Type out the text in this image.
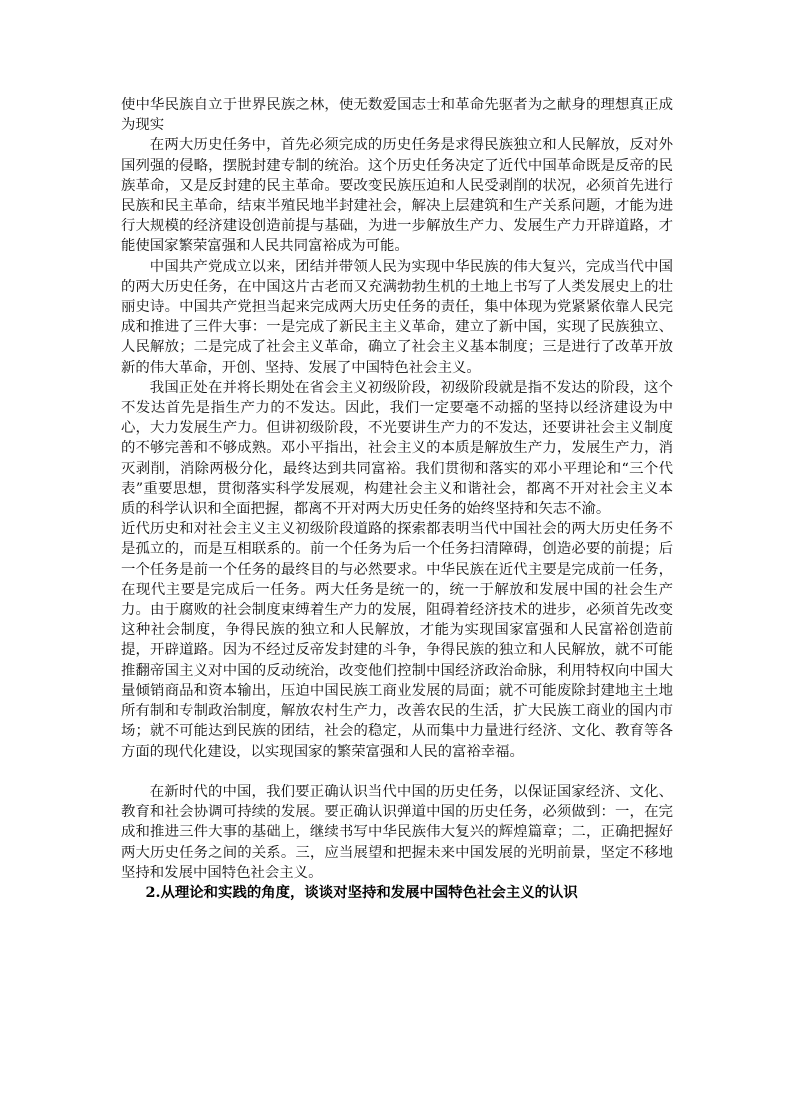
使中华民族自立于世界民族之林，使无数爱国志士和革命先驱者为之献身的理想真正成为现实

在两大历史任务中，首先必须完成的历史任务是求得民族独立和人民解放，反对外国列强的侵略，摆脱封建专制的统治。这个历史任务决定了近代中国革命既是反帝的民族革命，又是反封建的民主革命。要改变民族压迫和人民受剥削的状况，必须首先进行民族和民主革命，结束半殖民地半封建社会，解决上层建筑和生产关系问题，才能为进行大规模的经济建设创造前提与基础，为进一步解放生产力、发展生产力开辟道路，才能使国家繁荣富强和人民共同富裕成为可能。

中国共产党成立以来，团结并带领人民为实现中华民族的伟大复兴，完成当代中国的两大历史任务，在中国这片古老而又充满勃勃生机的土地上书写了人类发展史上的壮丽史诗。中国共产党担当起来完成两大历史任务的责任，集中体现为党紧紧依靠人民完成和推进了三件大事：一是完成了新民主主义革命，建立了新中国，实现了民族独立、人民解放；二是完成了社会主义革命，确立了社会主义基本制度；三是进行了改革开放新的伟大革命，开创、坚持、发展了中国特色社会主义。

我国正处在并将长期处在省会主义初级阶段，初级阶段就是指不发达的阶段，这个不发达首先是指生产力的不发达。因此，我们一定要毫不动摇的坚持以经济建设为中心，大力发展生产力。但讲初级阶段，不光要讲生产力的不发达，还要讲社会主义制度的不够完善和不够成熟。邓小平指出，社会主义的本质是解放生产力，发展生产力，消灭剥削，消除两极分化，最终达到共同富裕。我们贯彻和落实的邓小平理论和“三个代表”重要思想，贯彻落实科学发展观，构建社会主义和谐社会，都离不开对社会主义本质的科学认识和全面把握，都离不开对两大历史任务的始终坚持和矢志不渝。

近代历史和对社会主义主义初级阶段道路的探索都表明当代中国社会的两大历史任务不是孤立的，而是互相联系的。前一个任务为后一个任务扫清障碍，创造必要的前提；后一个任务是前一个任务的最终目的与必然要求。中华民族在近代主要是完成前一任务，在现代主要是完成后一任务。两大任务是统一的，统一于解放和发展中国的社会生产力。由于腐败的社会制度束缚着生产力的发展，阻碍着经济技术的进步，必须首先改变这种社会制度，争得民族的独立和人民解放，才能为实现国家富强和人民富裕创造前提，开辟道路。因为不经过反帝发封建的斗争，争得民族的独立和人民解放，就不可能推翻帝国主义对中国的反动统治，改变他们控制中国经济政治命脉，利用特权向中国大量倾销商品和资本输出，压迫中国民族工商业发展的局面；就不可能废除封建地主土地所有制和专制政治制度，解放农村生产力，改善农民的生活，扩大民族工商业的国内市场；就不可能达到民族的团结，社会的稳定，从而集中力量进行经济、文化、教育等各方面的现代化建设，以实现国家的繁荣富强和人民的富裕幸福。

在新时代的中国，我们要正确认识当代中国的历史任务，以保证国家经济、文化、教育和社会协调可持续的发展。要正确认识弹道中国的历史任务，必须做到：一，在完成和推进三件大事的基础上，继续书写中华民族伟大复兴的辉煌篇章；二，正确把握好两大历史任务之间的关系。三，应当展望和把握未来中国发展的光明前景，坚定不移地坚持和发展中国特色社会主义。

2.从理论和实践的角度，谈谈对坚持和发展中国特色社会主义的认识
